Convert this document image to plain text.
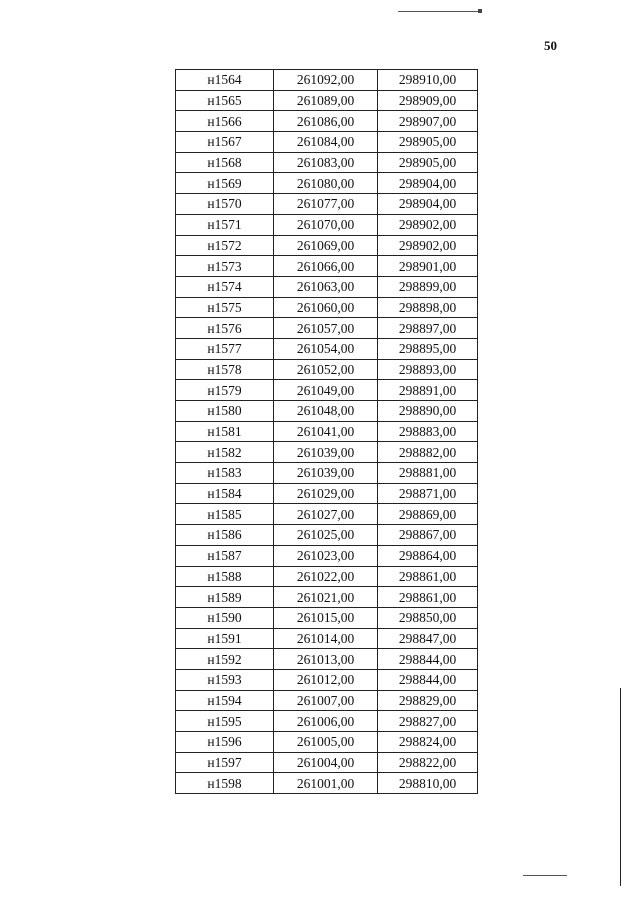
50
н1564	261092,00	298910,00
н1565	261089,00	298909,00
н1566	261086,00	298907,00
н1567	261084,00	298905,00
н1568	261083,00	298905,00
н1569	261080,00	298904,00
н1570	261077,00	298904,00
н1571	261070,00	298902,00
н1572	261069,00	298902,00
н1573	261066,00	298901,00
н1574	261063,00	298899,00
н1575	261060,00	298898,00
н1576	261057,00	298897,00
н1577	261054,00	298895,00
н1578	261052,00	298893,00
н1579	261049,00	298891,00
н1580	261048,00	298890,00
н1581	261041,00	298883,00
н1582	261039,00	298882,00
н1583	261039,00	298881,00
н1584	261029,00	298871,00
н1585	261027,00	298869,00
н1586	261025,00	298867,00
н1587	261023,00	298864,00
н1588	261022,00	298861,00
н1589	261021,00	298861,00
н1590	261015,00	298850,00
н1591	261014,00	298847,00
н1592	261013,00	298844,00
н1593	261012,00	298844,00
н1594	261007,00	298829,00
н1595	261006,00	298827,00
н1596	261005,00	298824,00
н1597	261004,00	298822,00
н1598	261001,00	298810,00
